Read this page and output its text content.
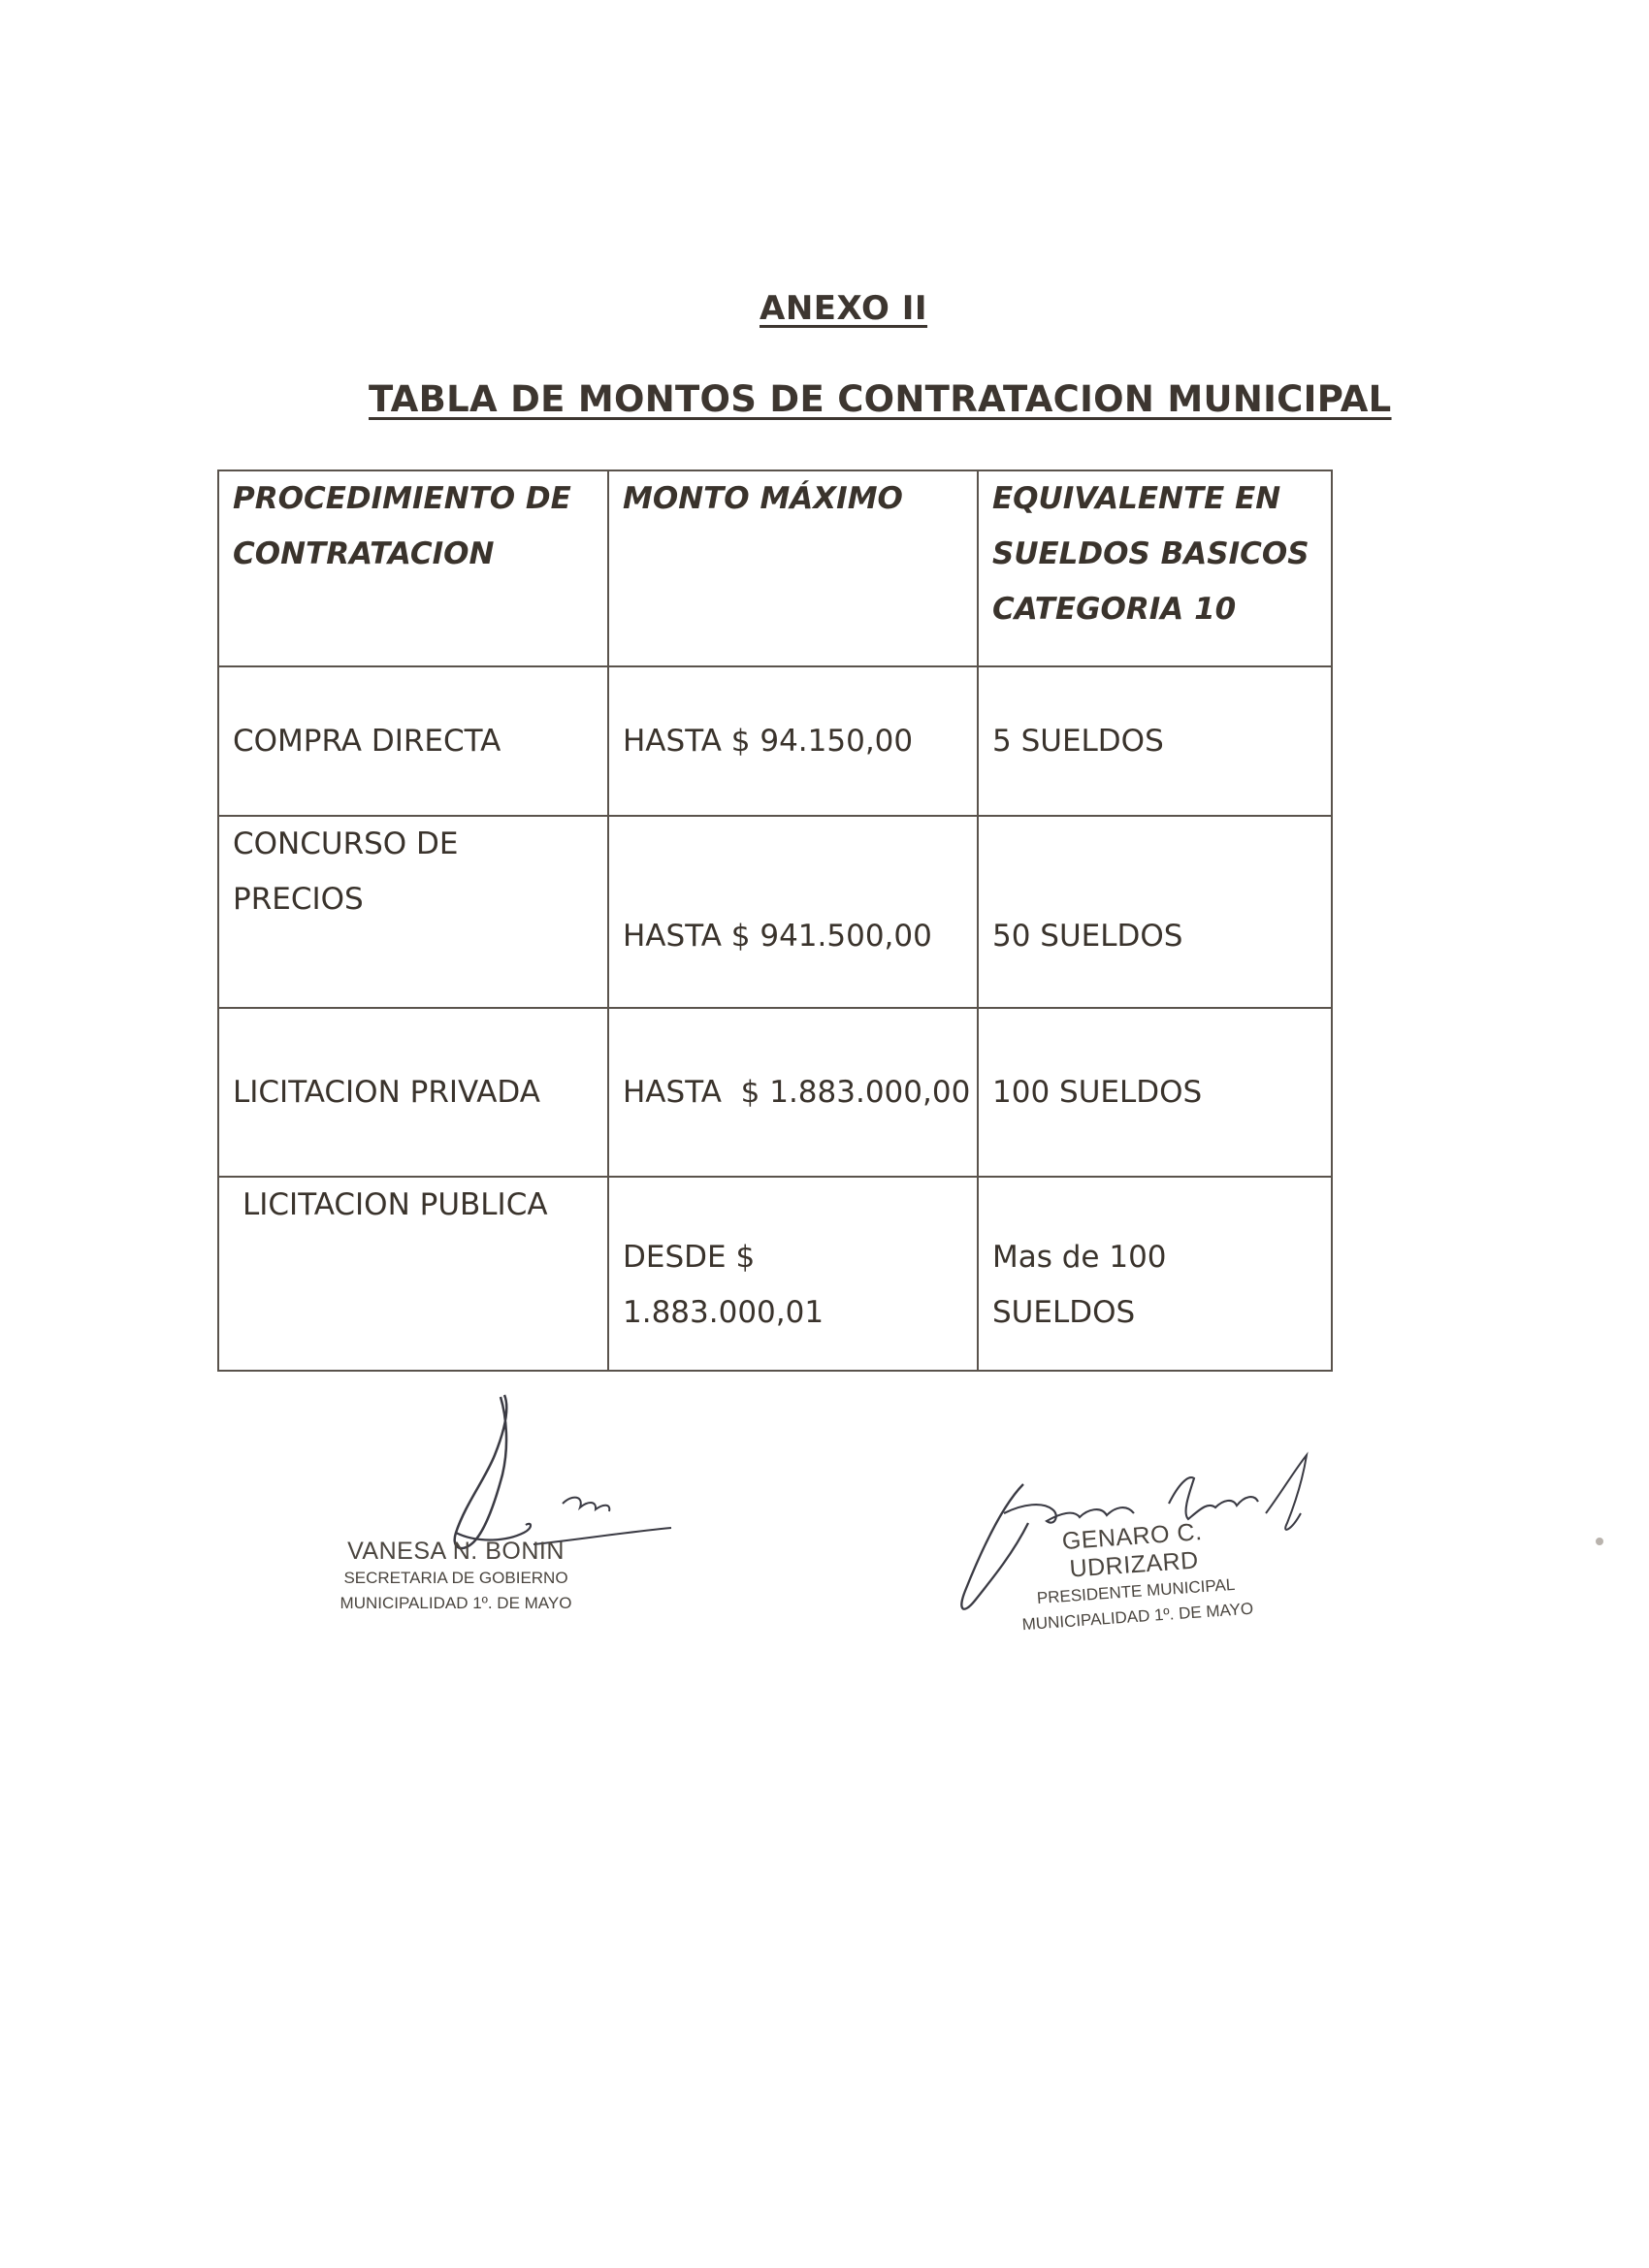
ANEXO II
TABLA DE MONTOS DE CONTRATACION MUNICIPAL
PROCEDIMIENTO DE CONTRATACION	MONTO MÁXIMO	EQUIVALENTE EN SUELDOS BASICOS CATEGORIA 10
COMPRA DIRECTA	HASTA $ 94.150,00	5 SUELDOS
CONCURSO DE PRECIOS	HASTA $ 941.500,00	50 SUELDOS
LICITACION PRIVADA	HASTA  $ 1.883.000,00	100 SUELDOS
LICITACION PUBLICA	DESDE $ 1.883.000,01	Mas de 100 SUELDOS
VANESA N. BONIN
SECRETARIA DE GOBIERNO
MUNICIPALIDAD 1º. DE MAYO
GENARO C. UDRIZARD
PRESIDENTE MUNICIPAL
MUNICIPALIDAD 1º. DE MAYO
